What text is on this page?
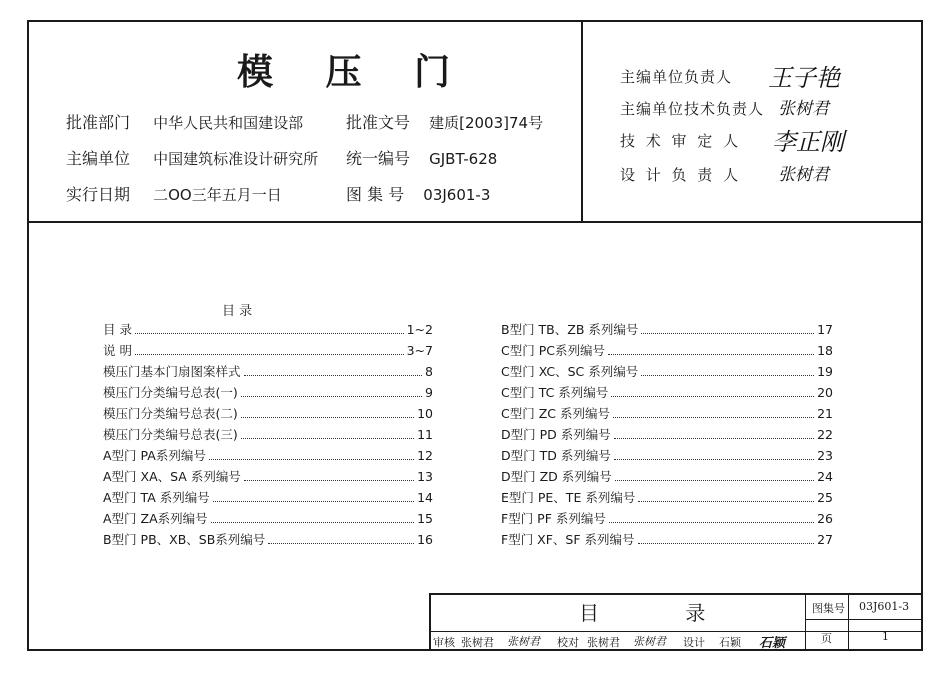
模 压 门
批准部门 中华人民共和国建设部	批准文号 建质[2003]74号
主编单位 中国建筑标准设计研究所 统一编号 GJBT-628
实行日期 二OO三年五月一日	图 集 号 03J601-3
主编单位负责人 王子艳
主编单位技术负责人 张树君
技 术 审 定 人 李正刚
设 计 负 责 人 张树君
目 录
目 录	1~2
说 明	3~7
模压门基本门扇图案样式	8
模压门分类编号总表(一)	9
模压门分类编号总表(二)	10
模压门分类编号总表(三)	11
A型门 PA系列编号	12
A型门 XA、SA 系列编号	13
A型门 TA 系列编号	14
A型门 ZA系列编号	15
B型门 PB、XB、SB系列编号	16
B型门 TB、ZB 系列编号	17
C型门 PC系列编号	18
C型门 XC、SC 系列编号	19
C型门 TC 系列编号	20
C型门 ZC 系列编号	21
D型门 PD 系列编号	22
D型门 TD 系列编号	23
D型门 ZD 系列编号	24
E型门 PE、TE 系列编号	25
F型门 PF 系列编号	26
F型门 XF、SF 系列编号	27
目 录	图集号 03J601-3
页	1
审核 张树君 张树君 校对 张树君 张树君 设计 石颖 石颖
